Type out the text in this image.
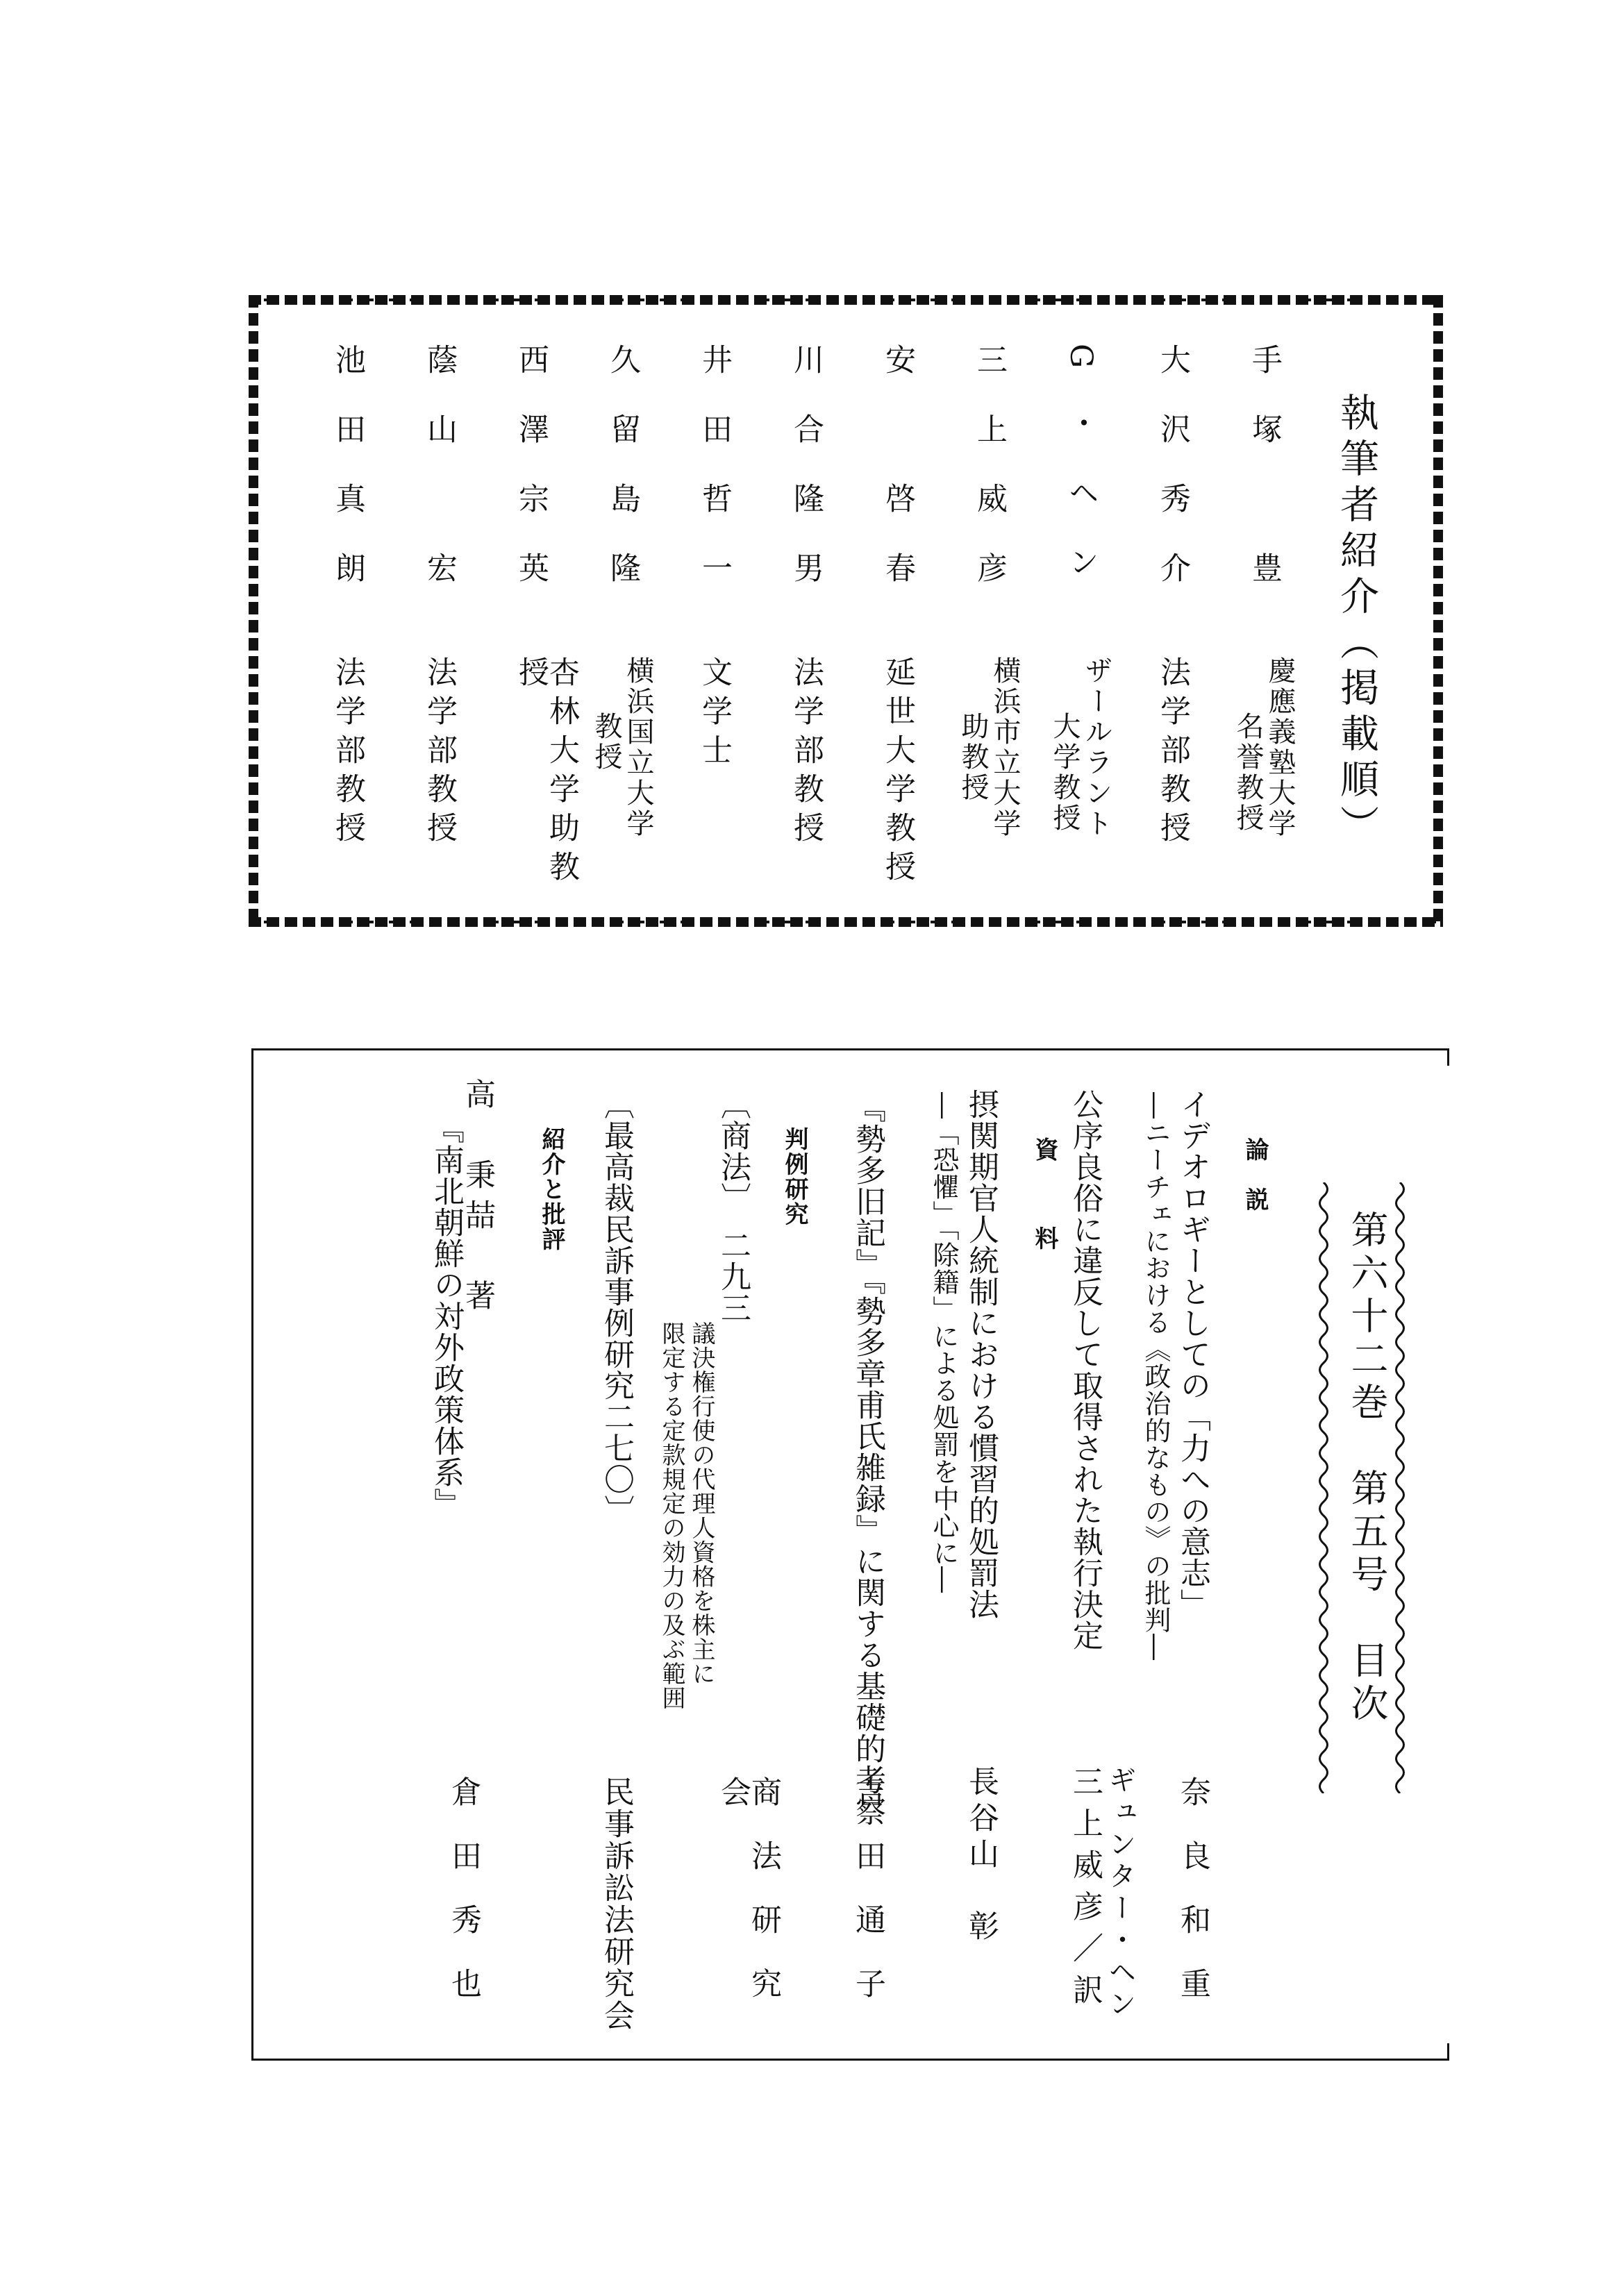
執筆者紹介（掲載順）
手塚　豊
慶應義塾大学
名誉教授
大沢秀介
法学部教授
G・ヘン
ザールラント
大学教授
三上威彦
横浜市立大学
助教授
安　啓春
延世大学教授
川合隆男
法学部教授
井田哲一
文学士
久留島隆
横浜国立大学
教授
西澤宗英
杏林大学助教授
蔭山　宏
法学部教授
池田真朗
法学部教授
第六十二巻　第五号　目次
論　説
イデオロギーとしての「力への意志」
―ニーチェにおける《政治的なもの》の批判―
奈良和重
公序良俗に違反して取得された執行決定
ギュンター・ヘン
三上威彦／訳
資　料
摂関期官人統制における慣習的処罰法
―「恐懼」「除籍」による処罰を中心に―
長谷山　彰
『勢多旧記』『勢多章甫氏雑録』に関する基礎的考察
吉田通子
判例研究
〔商法〕　二九三
議決権行使の代理人資格を株主に
限定する定款規定の効力の及ぶ範囲
商法研究会
〔最高裁民訴事例研究二七〇〕
民事訴訟法研究会
紹介と批評
高　秉喆　著
『南北朝鮮の対外政策体系』
倉田秀也
